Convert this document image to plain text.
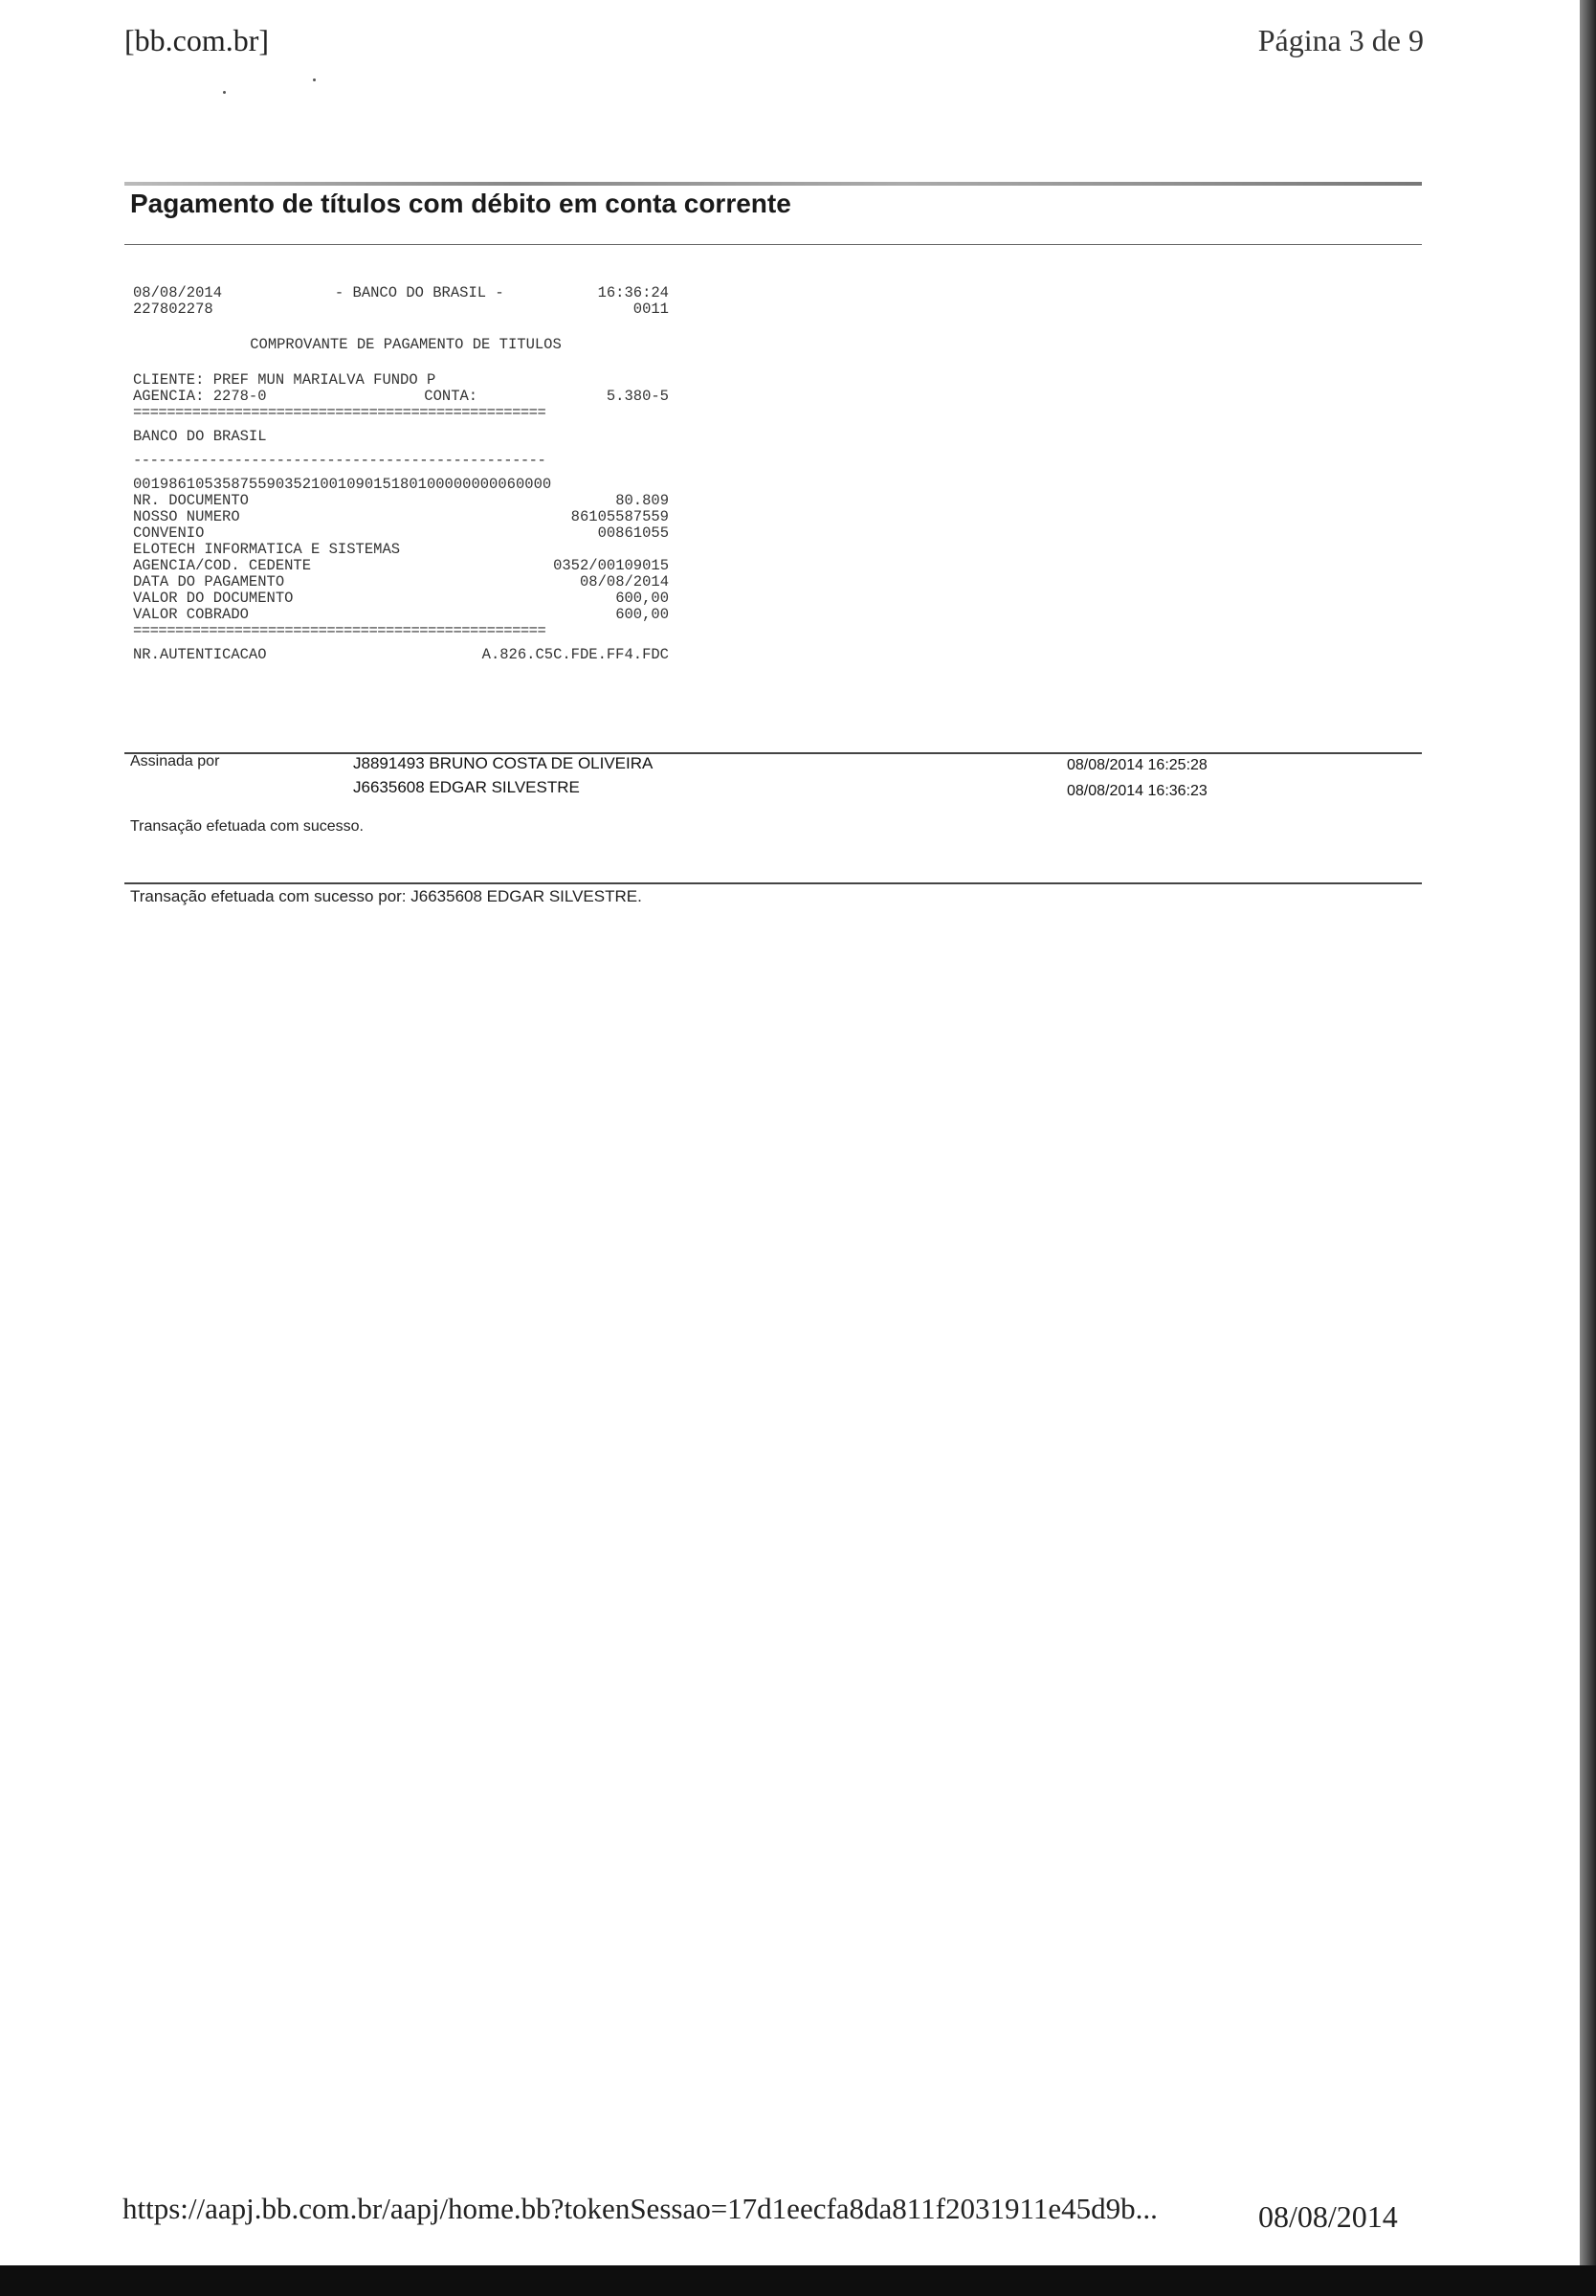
[bb.com.br]	Página 3 de 9
Pagamento de títulos com débito em conta corrente
08/08/2014	- BANCO DO BRASIL -	16:36:24
227802278	0011
COMPROVANTE DE PAGAMENTO DE TITULOS
CLIENTE: PREF MUN MARIALVA FUNDO P
AGENCIA: 2278-0	CONTA:	5.380-5
=================================================
BANCO DO BRASIL
-------------------------------------------------
00198610535875590352100109015180100000000060000
NR. DOCUMENTO	80.809
NOSSO NUMERO	86105587559
CONVENIO	00861055
ELOTECH INFORMATICA E SISTEMAS
AGENCIA/COD. CEDENTE	0352/00109015
DATA DO PAGAMENTO	08/08/2014
VALOR DO DOCUMENTO	600,00
VALOR COBRADO	600,00
=================================================
NR.AUTENTICACAO	A.826.C5C.FDE.FF4.FDC
Assinada por	J8891493 BRUNO COSTA DE OLIVEIRA	08/08/2014 16:25:28
J6635608 EDGAR SILVESTRE	08/08/2014 16:36:23
Transação efetuada com sucesso.
Transação efetuada com sucesso por: J6635608 EDGAR SILVESTRE.
https://aapj.bb.com.br/aapj/home.bb?tokenSessao=17d1eecfa8da811f2031911e45d9b...	08/08/2014
